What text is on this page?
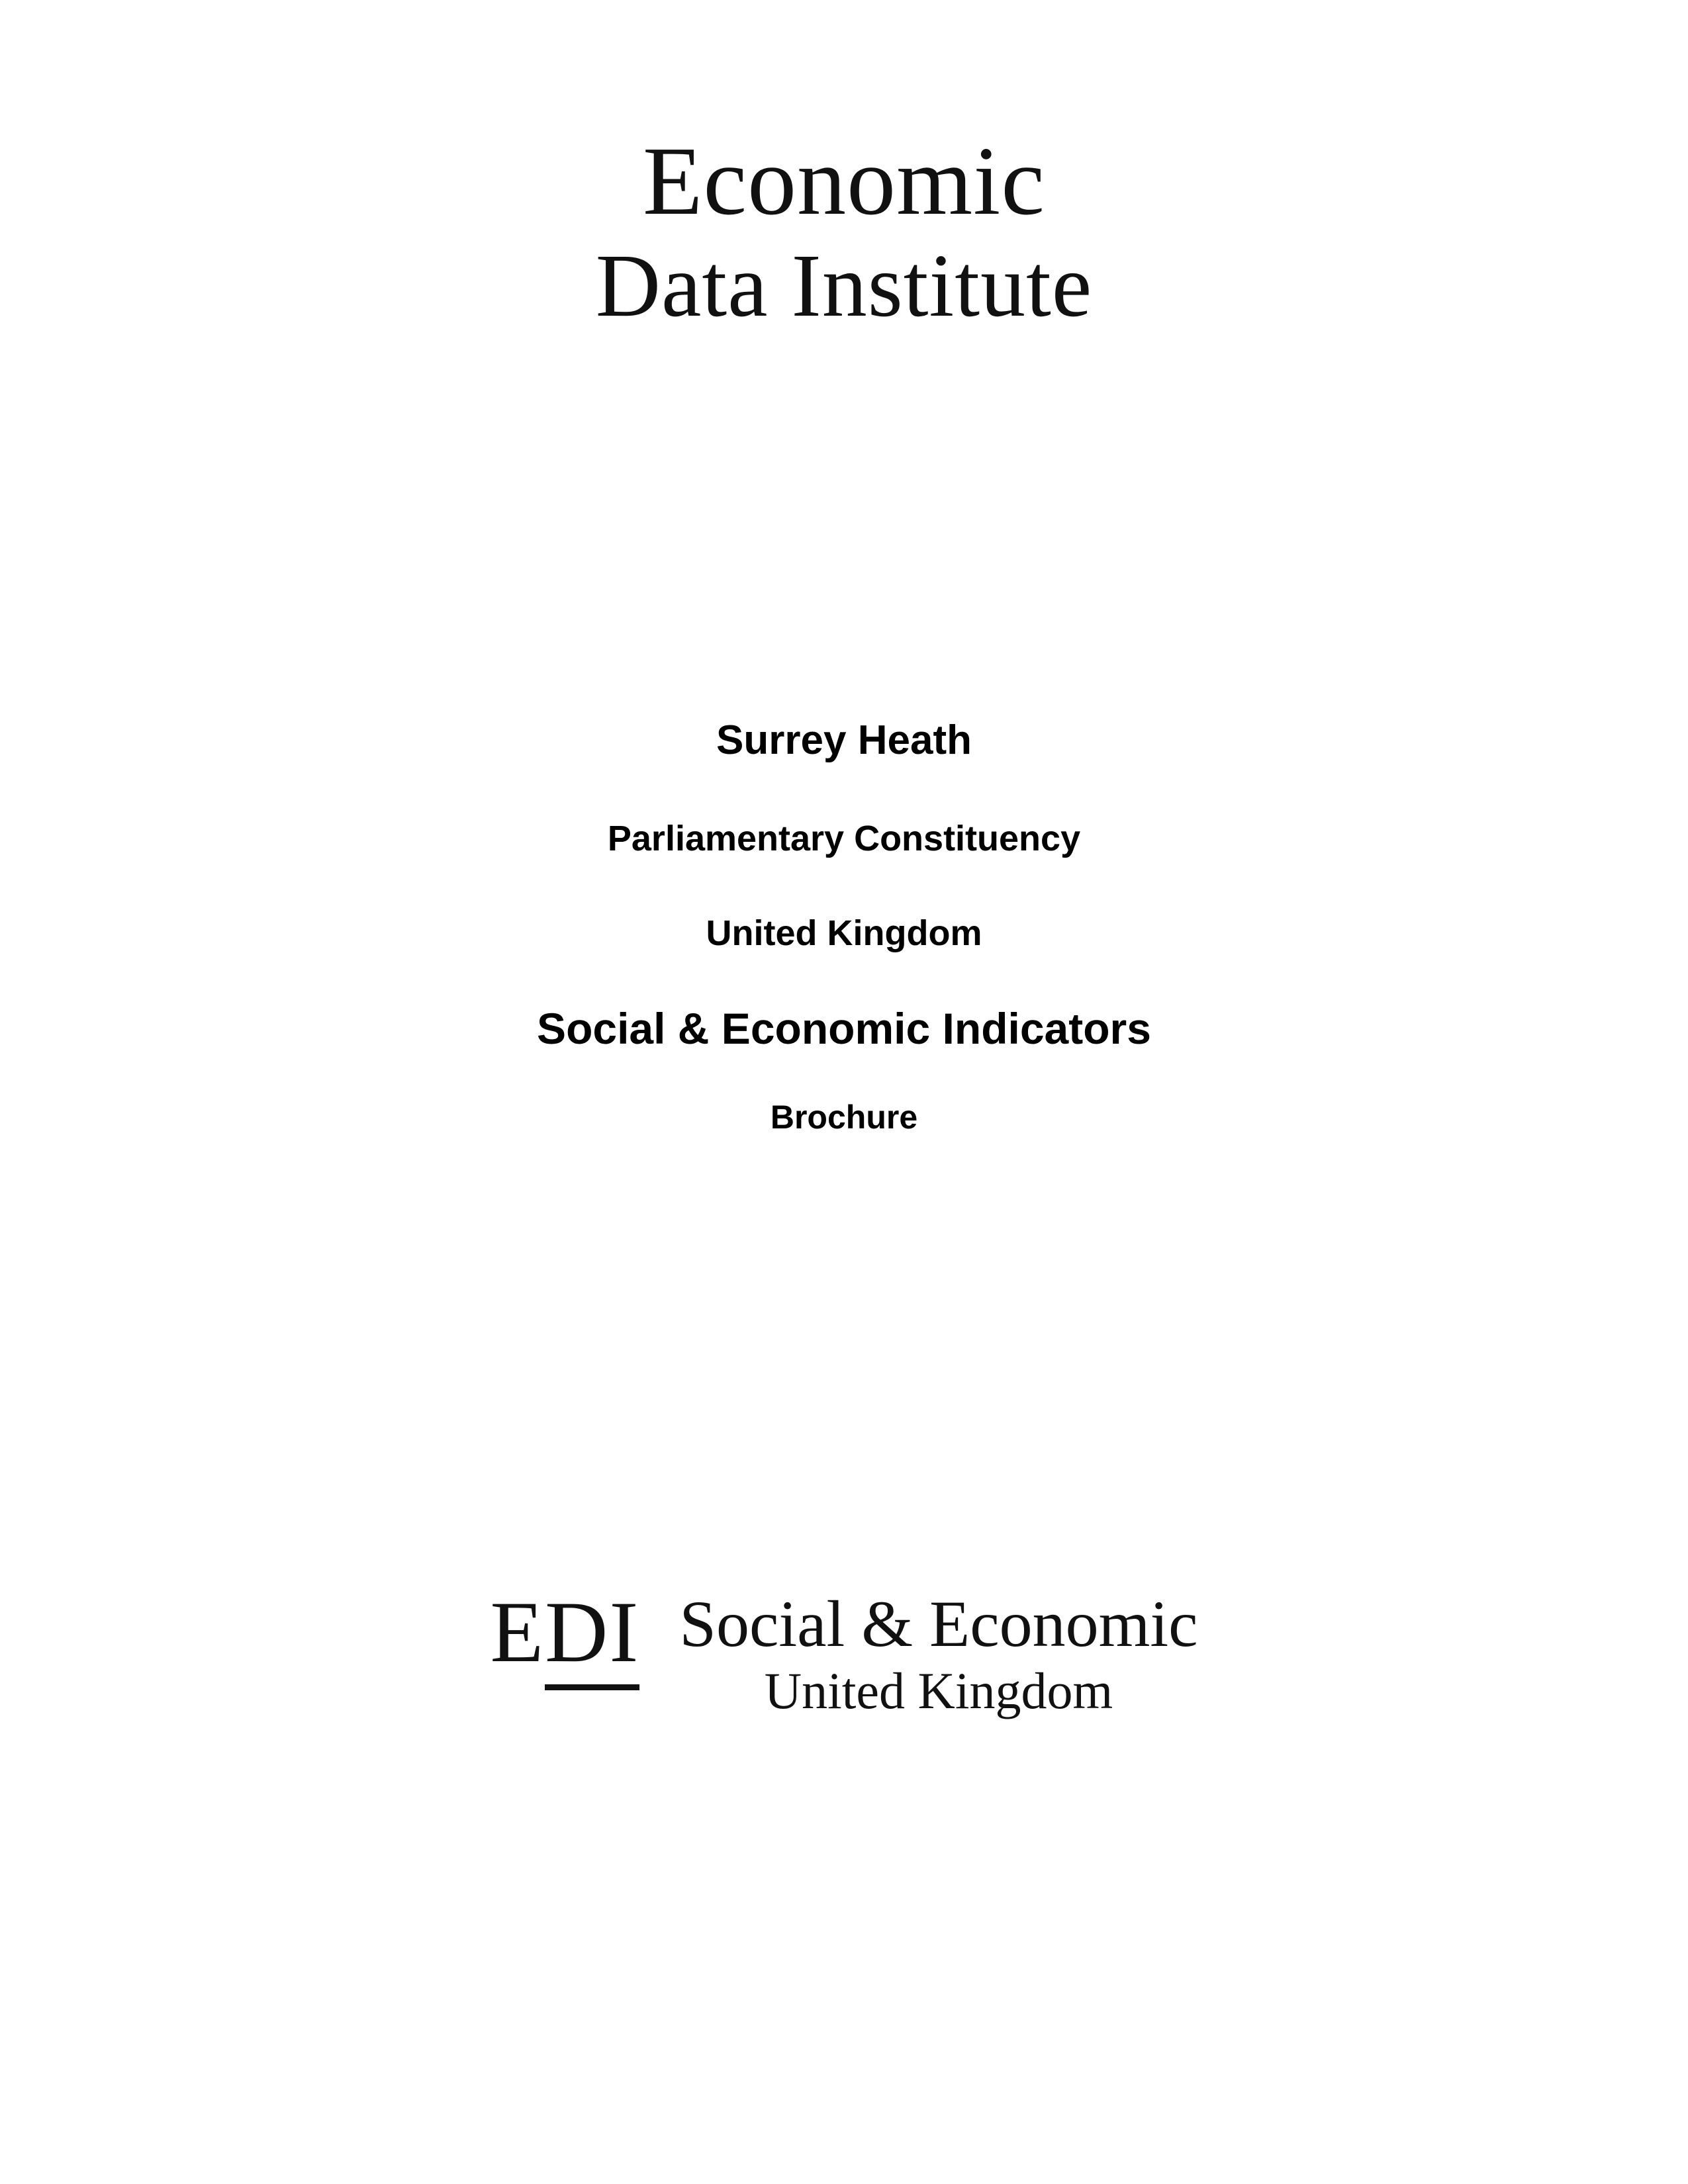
Economic
Data Institute
Surrey Heath
Parliamentary Constituency
United Kingdom
Social & Economic Indicators
Brochure
EDI Social & Economic
United Kingdom
